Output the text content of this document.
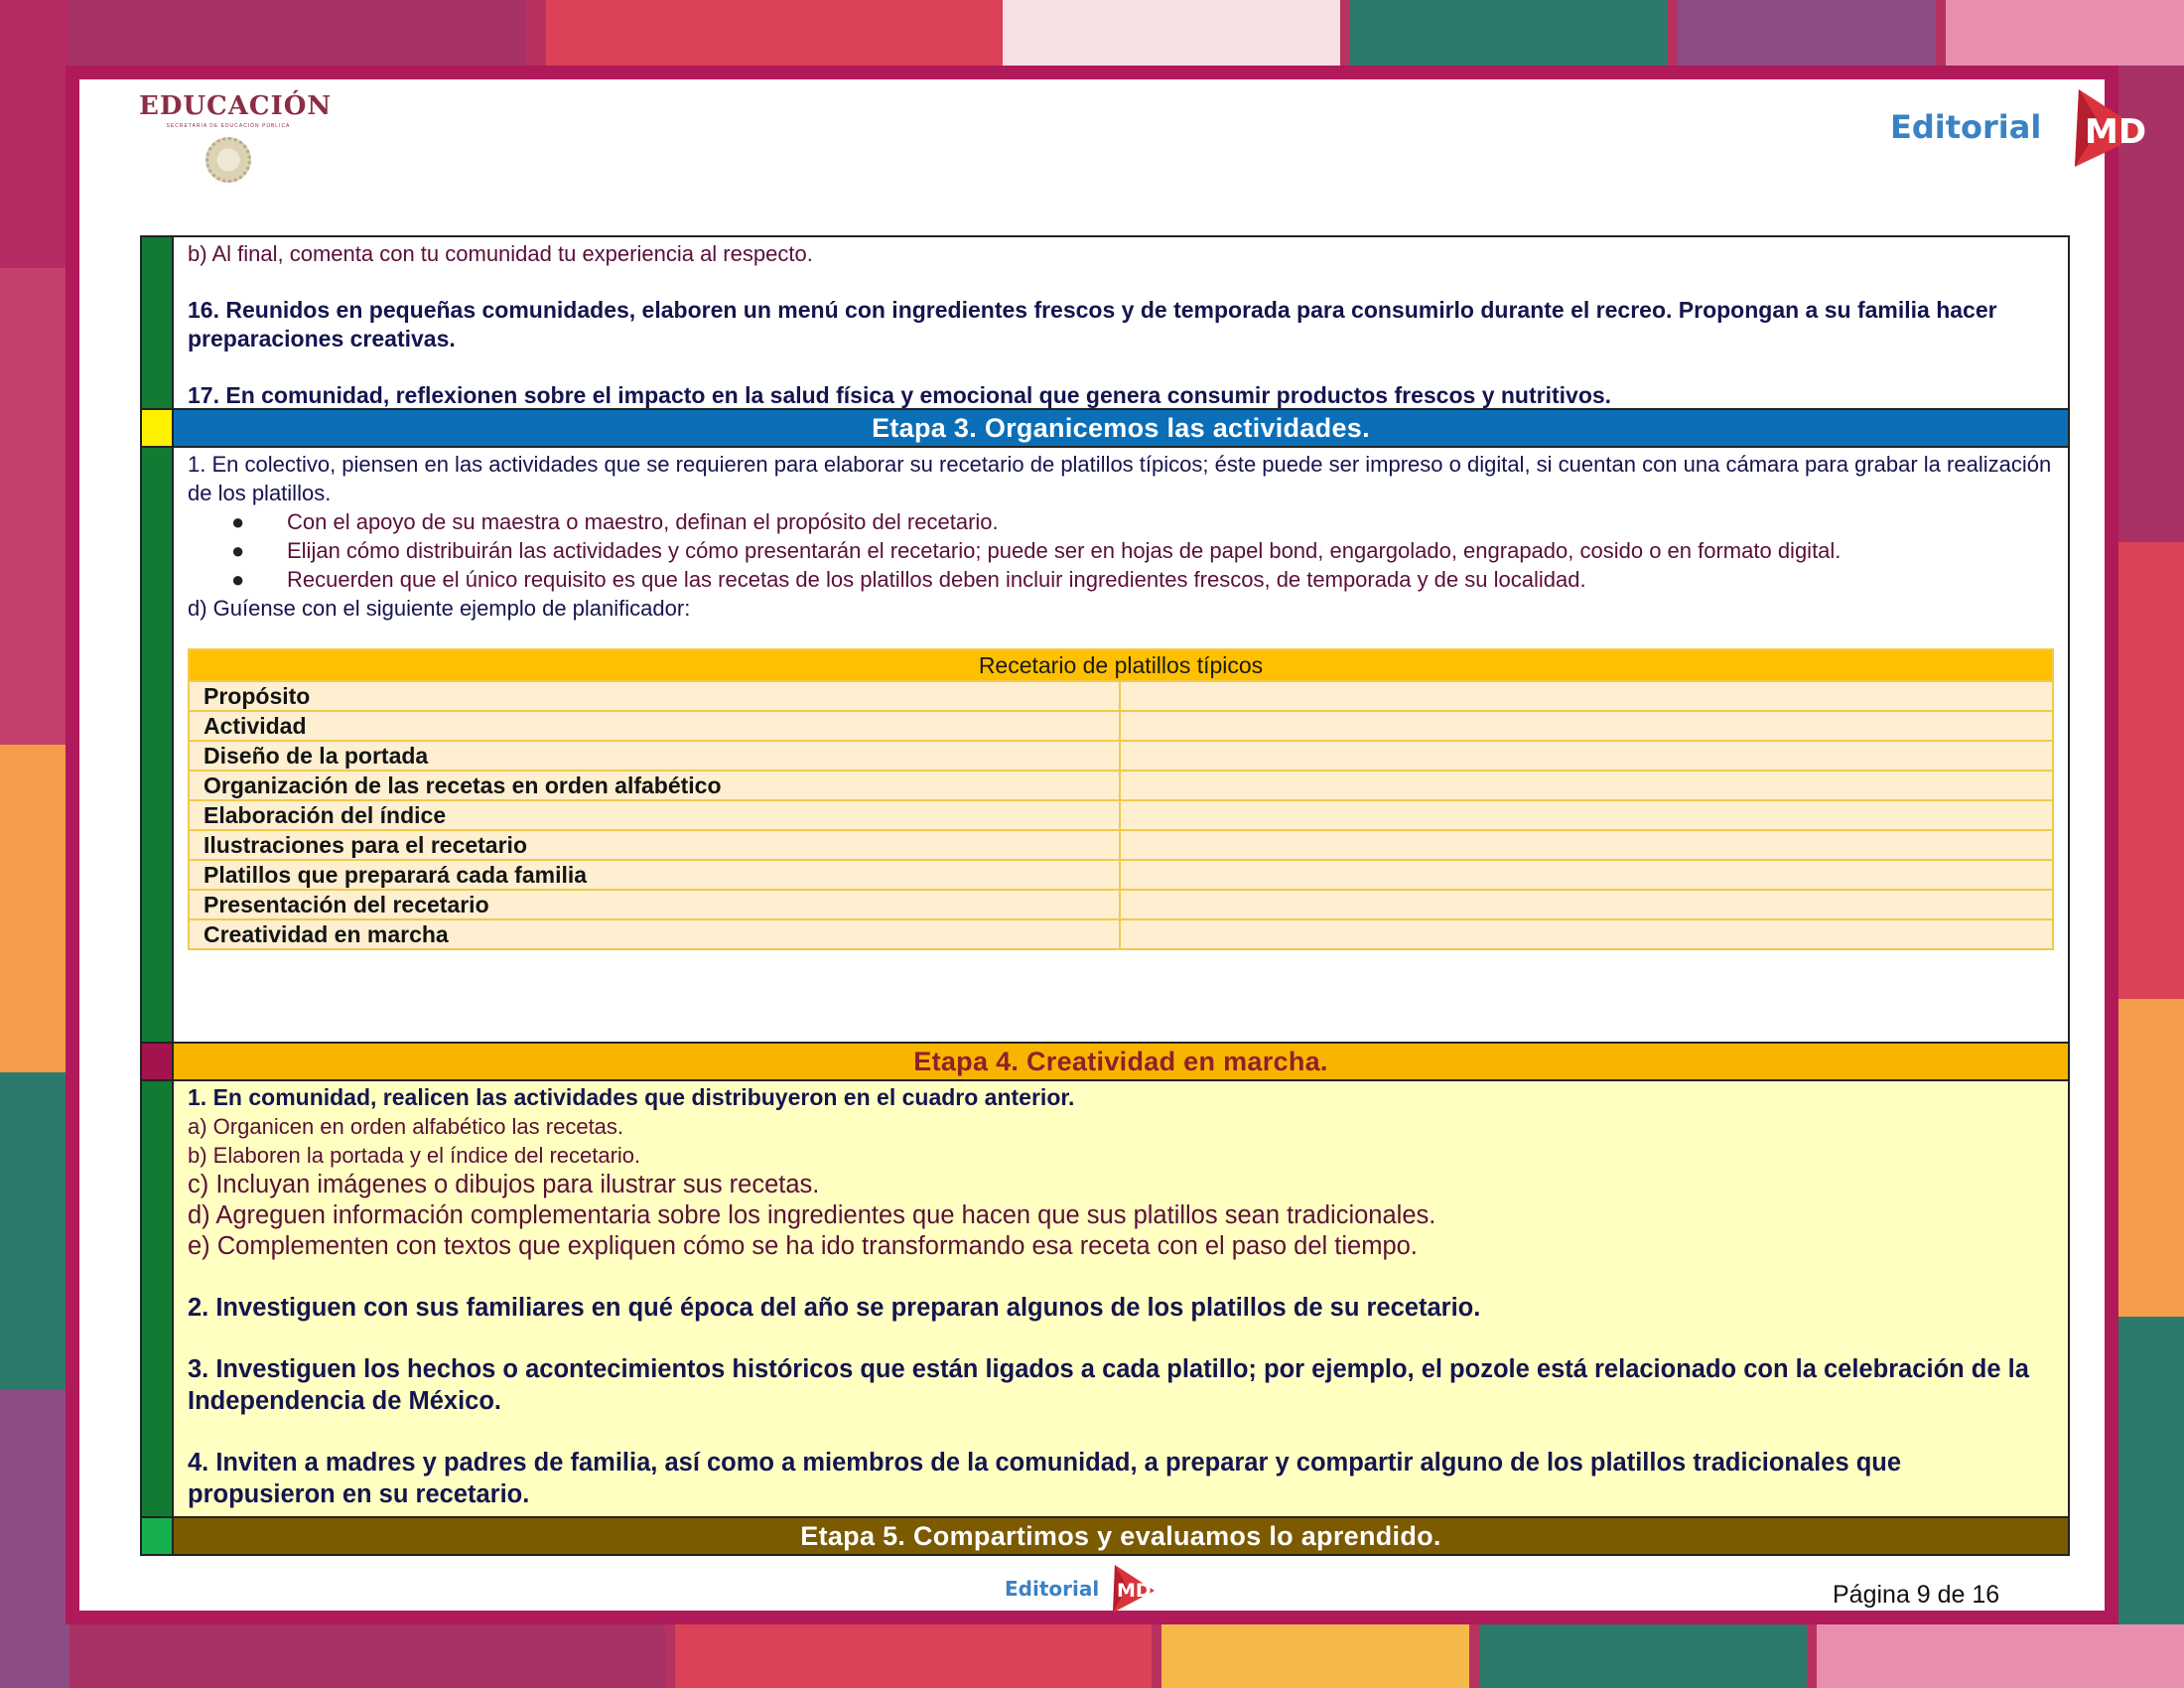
EDUCACIÓN
SECRETARÍA DE EDUCACIÓN PÚBLICA	Editorial MD
b) Al final, comenta con tu comunidad tu experiencia al respecto.
16. Reunidos en pequeñas comunidades, elaboren un menú con ingredientes frescos y de temporada para consumirlo durante el recreo. Propongan a su familia hacer preparaciones creativas.
17. En comunidad, reflexionen sobre el impacto en la salud física y emocional que genera consumir productos frescos y nutritivos.
Etapa 3. Organicemos las actividades.
1. En colectivo, piensen en las actividades que se requieren para elaborar su recetario de platillos típicos; éste puede ser impreso o digital, si cuentan con una cámara para grabar la realización de los platillos.
● Con el apoyo de su maestra o maestro, definan el propósito del recetario.
● Elijan cómo distribuirán las actividades y cómo presentarán el recetario; puede ser en hojas de papel bond, engargolado, engrapado, cosido o en formato digital.
● Recuerden que el único requisito es que las recetas de los platillos deben incluir ingredientes frescos, de temporada y de su localidad.
d) Guíense con el siguiente ejemplo de planificador:
Recetario de platillos típicos
Propósito
Actividad
Diseño de la portada
Organización de las recetas en orden alfabético
Elaboración del índice
Ilustraciones para el recetario
Platillos que preparará cada familia
Presentación del recetario
Creatividad en marcha
Etapa 4. Creatividad en marcha.
1. En comunidad, realicen las actividades que distribuyeron en el cuadro anterior.
a) Organicen en orden alfabético las recetas.
b) Elaboren la portada y el índice del recetario.
c) Incluyan imágenes o dibujos para ilustrar sus recetas.
d) Agreguen información complementaria sobre los ingredientes que hacen que sus platillos sean tradicionales.
e) Complementen con textos que expliquen cómo se ha ido transformando esa receta con el paso del tiempo.
2. Investiguen con sus familiares en qué época del año se preparan algunos de los platillos de su recetario.
3. Investiguen los hechos o acontecimientos históricos que están ligados a cada platillo; por ejemplo, el pozole está relacionado con la celebración de la Independencia de México.
4. Inviten a madres y padres de familia, así como a miembros de la comunidad, a preparar y compartir alguno de los platillos tradicionales que propusieron en su recetario.
Etapa 5. Compartimos y evaluamos lo aprendido.
Editorial MD	Página 9 de 16
